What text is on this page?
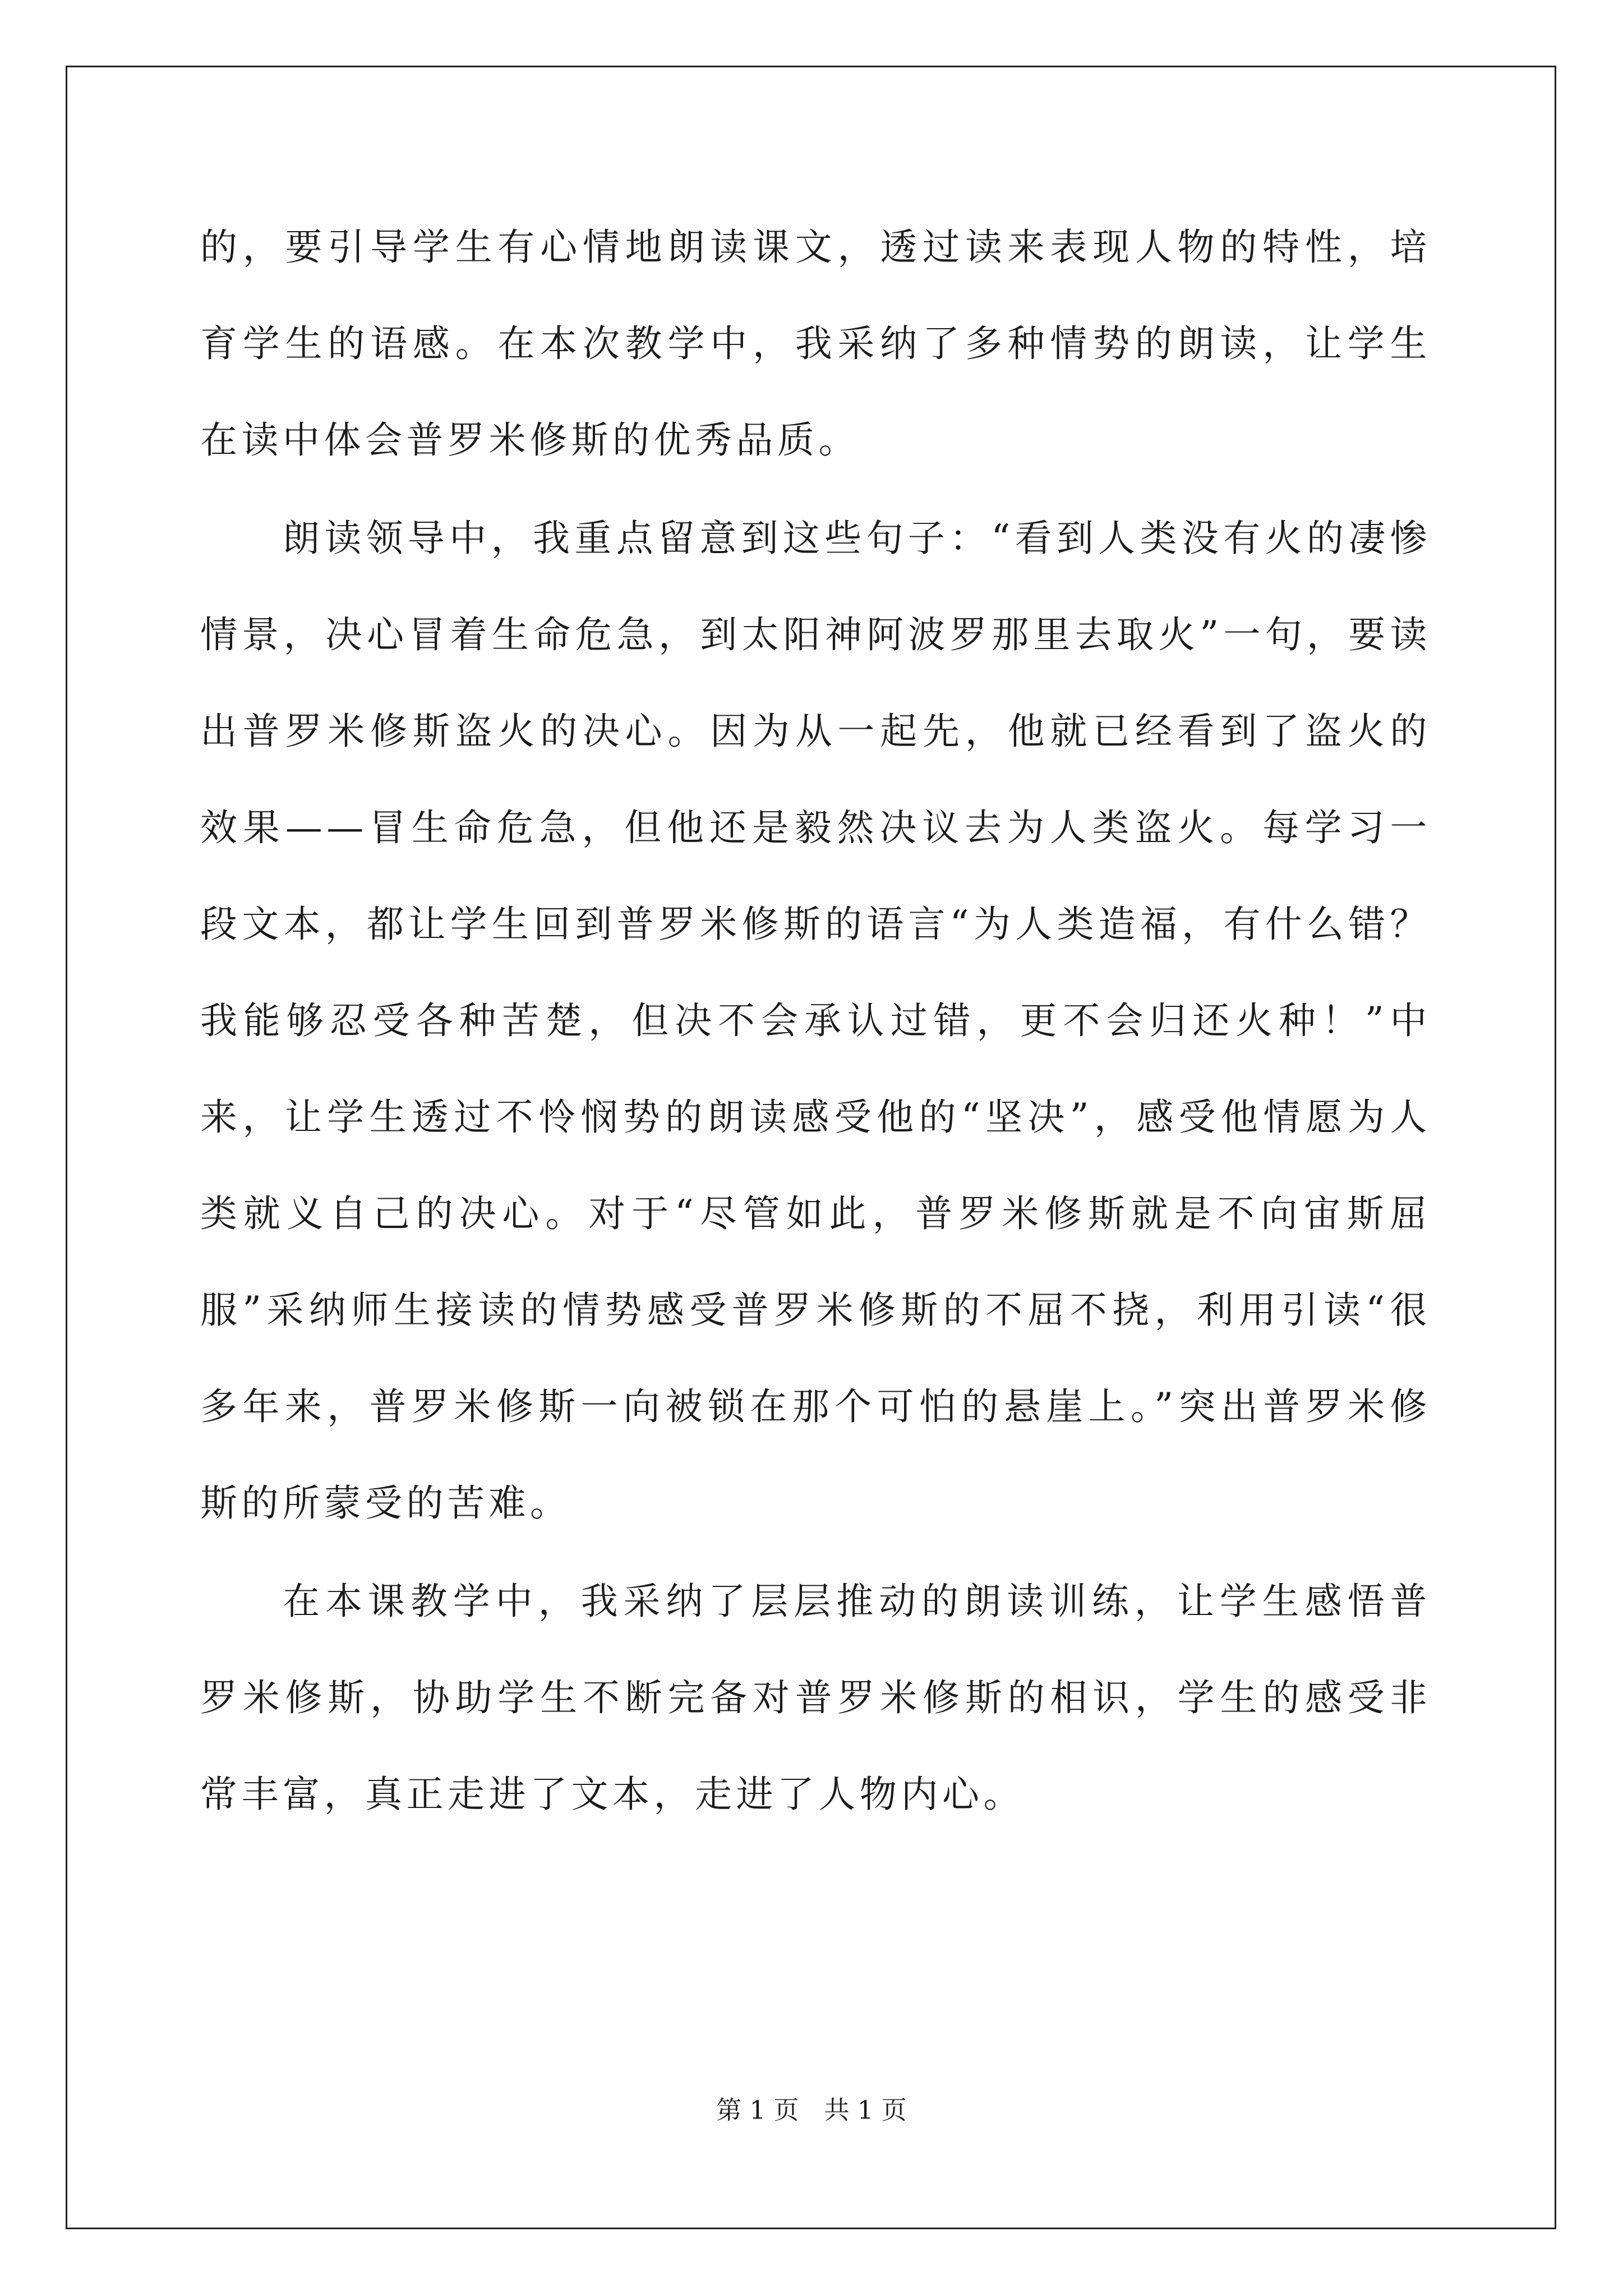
的，要引导学生有心情地朗读课文，透过读来表现人物的特性，培育学生的语感。在本次教学中，我采纳了多种情势的朗读，让学生在读中体会普罗米修斯的优秀品质。

朗读领导中，我重点留意到这些句子：“看到人类没有火的凄惨情景，决心冒着生命危急，到太阳神阿波罗那里去取火”一句，要读出普罗米修斯盗火的决心。因为从一起先，他就已经看到了盗火的效果——冒生命危急，但他还是毅然决议去为人类盗火。每学习一段文本，都让学生回到普罗米修斯的语言“为人类造福，有什么错？我能够忍受各种苦楚，但决不会承认过错，更不会归还火种！”中来，让学生透过不怜悯势的朗读感受他的“坚决”，感受他情愿为人类就义自己的决心。对于“尽管如此，普罗米修斯就是不向宙斯屈服”采纳师生接读的情势感受普罗米修斯的不屈不挠，利用引读“很多年来，普罗米修斯一向被锁在那个可怕的悬崖上。”突出普罗米修斯的所蒙受的苦难。

在本课教学中，我采纳了层层推动的朗读训练，让学生感悟普罗米修斯，协助学生不断完备对普罗米修斯的相识，学生的感受非常丰富，真正走进了文本，走进了人物内心。

第 1 页　共 1 页
